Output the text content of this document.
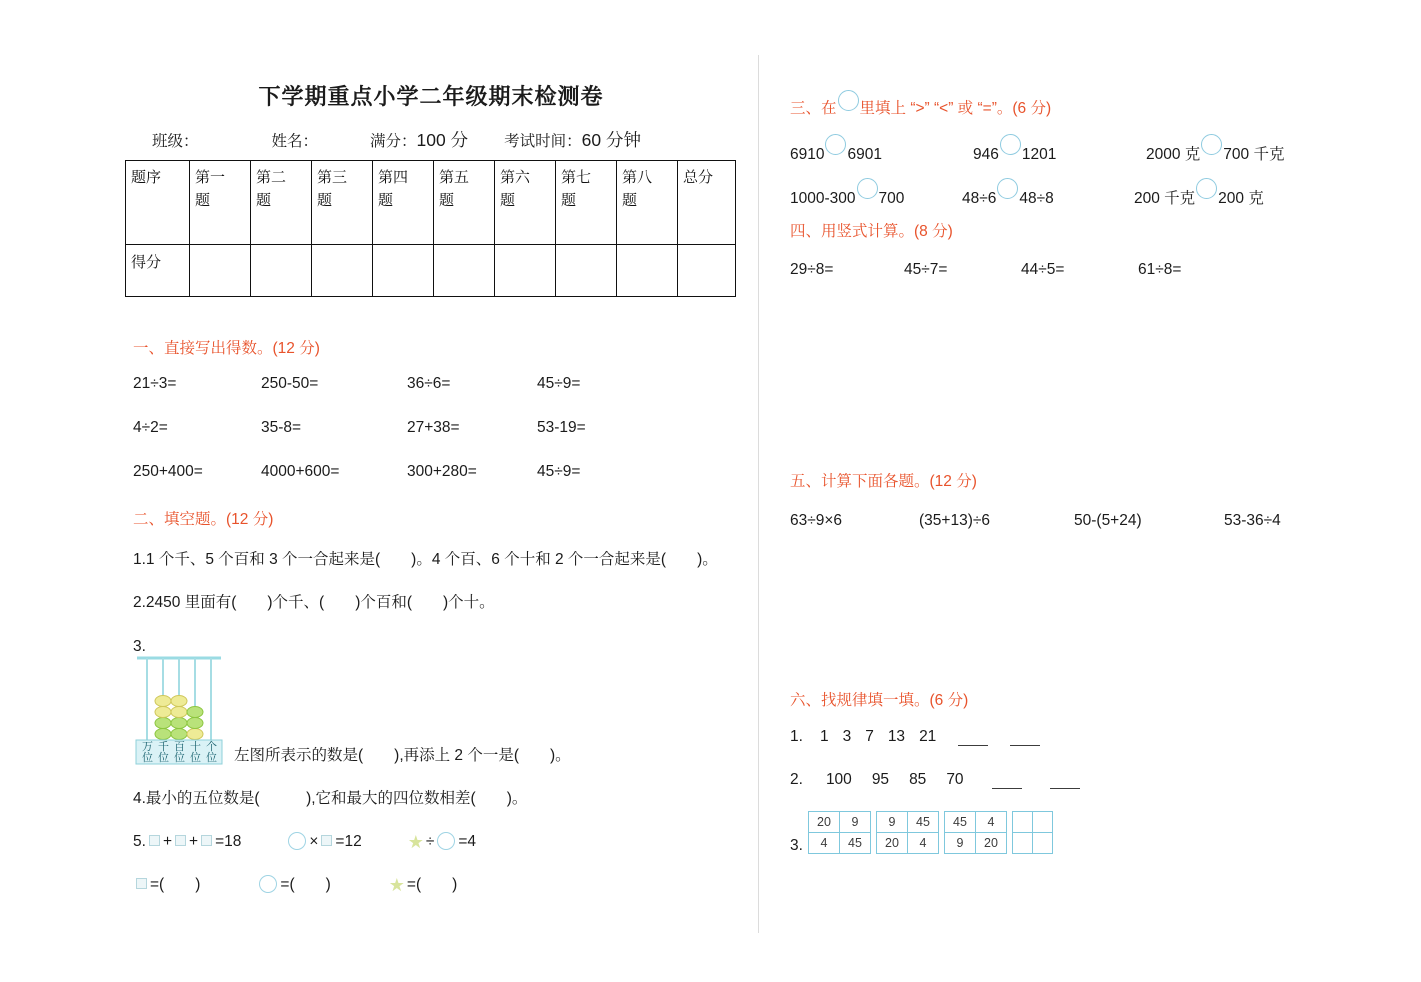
下学期重点小学二年级期末检测卷
班级：	姓名：	满分：100 分 考试时间：60 分钟
题序	第一题	第二题	第三题	第四题	第五题	第六题	第七题	第八题	总分
得分									
一、直接写出得数。(12 分)
21÷3=	250-50=	36÷6=	45÷9=
4÷2=	35-8=	27+38=	53-19=
250+400=	4000+600=	300+280=	45÷9=
二、填空题。(12 分)
1.1 个千、5 个百和 3 个一合起来是(　　)。4 个百、6 个十和 2 个一合起来是(　　)。
2.2450 里面有(　　)个千、(　　)个百和(　　)个十。
3.
万千百十个
位位位位位 左图所表示的数是(　　),再添上 2 个一是(　　)。
4.最小的五位数是(　　　),它和最大的四位数相差(　　)。
5. + + =18	× =12	★ ÷ =4
=(　　)	=(　　)	★ =(　　)
三、在 里填上 “>” “<” 或 “=”。(6 分)
6910 6901	946 1201	2000 克 700 千克
1000-300 700	48÷6 48÷8	200 千克 200 克
四、用竖式计算。(8 分)
29÷8=	45÷7=	44÷5=	61÷8=
五、计算下面各题。(12 分)
63÷9×6	(35+13)÷6	50-(5+24)	53-36÷4
六、找规律填一填。(6 分)
1. 1 3 7 13 21
2. 100 95 85 70
3.
20	9
4	45
9	45
20	4
45	4
9	20
